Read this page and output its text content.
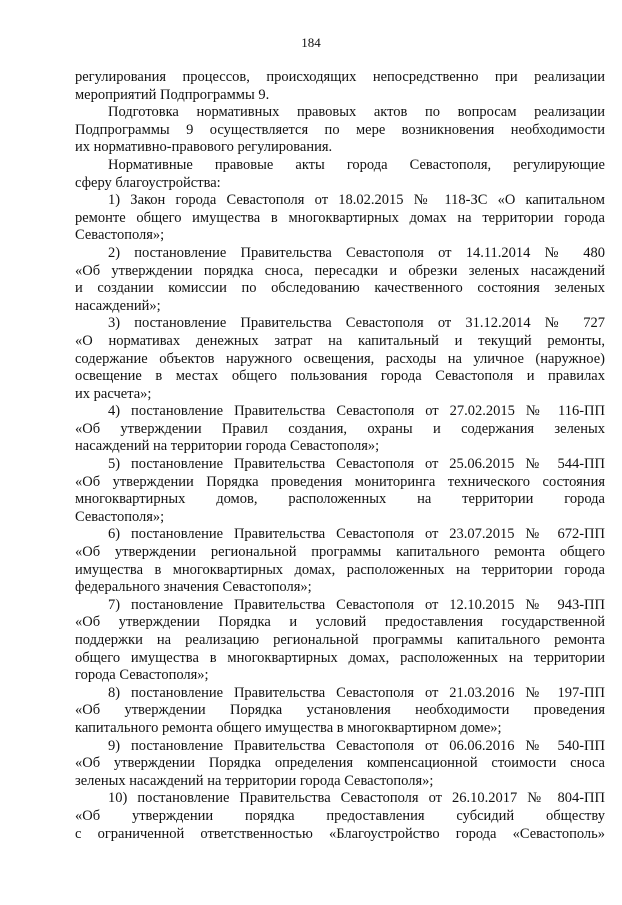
184
регулирования процессов, происходящих непосредственно при реализации
мероприятий Подпрограммы 9.
Подготовка нормативных правовых актов по вопросам реализации
Подпрограммы 9 осуществляется по мере возникновения необходимости
их нормативно-правового регулирования.
Нормативные правовые акты города Севастополя, регулирующие
сферу благоустройства:
1) Закон города Севастополя от 18.02.2015 № 118-ЗС «О капитальном
ремонте общего имущества в многоквартирных домах на территории города
Севастополя»;
2) постановление Правительства Севастополя от 14.11.2014 № 480
«Об утверждении порядка сноса, пересадки и обрезки зеленых насаждений
и создании комиссии по обследованию качественного состояния зеленых
насаждений»;
3) постановление Правительства Севастополя от 31.12.2014 № 727
«О нормативах денежных затрат на капитальный и текущий ремонты,
содержание объектов наружного освещения, расходы на уличное (наружное)
освещение в местах общего пользования города Севастополя и правилах
их расчета»;
4) постановление Правительства Севастополя от 27.02.2015 № 116-ПП
«Об утверждении Правил создания, охраны и содержания зеленых
насаждений на территории города Севастополя»;
5) постановление Правительства Севастополя от 25.06.2015 № 544-ПП
«Об утверждении Порядка проведения мониторинга технического состояния
многоквартирных домов, расположенных на территории города
Севастополя»;
6) постановление Правительства Севастополя от 23.07.2015 № 672-ПП
«Об утверждении региональной программы капитального ремонта общего
имущества в многоквартирных домах, расположенных на территории города
федерального значения Севастополя»;
7) постановление Правительства Севастополя от 12.10.2015 № 943-ПП
«Об утверждении Порядка и условий предоставления государственной
поддержки на реализацию региональной программы капитального ремонта
общего имущества в многоквартирных домах, расположенных на территории
города Севастополя»;
8) постановление Правительства Севастополя от 21.03.2016 № 197-ПП
«Об утверждении Порядка установления необходимости проведения
капитального ремонта общего имущества в многоквартирном доме»;
9) постановление Правительства Севастополя от 06.06.2016 № 540-ПП
«Об утверждении Порядка определения компенсационной стоимости сноса
зеленых насаждений на территории города Севастополя»;
10) постановление Правительства Севастополя от 26.10.2017 № 804-ПП
«Об утверждении порядка предоставления субсидий обществу
с ограниченной ответственностью «Благоустройство города «Севастополь»
